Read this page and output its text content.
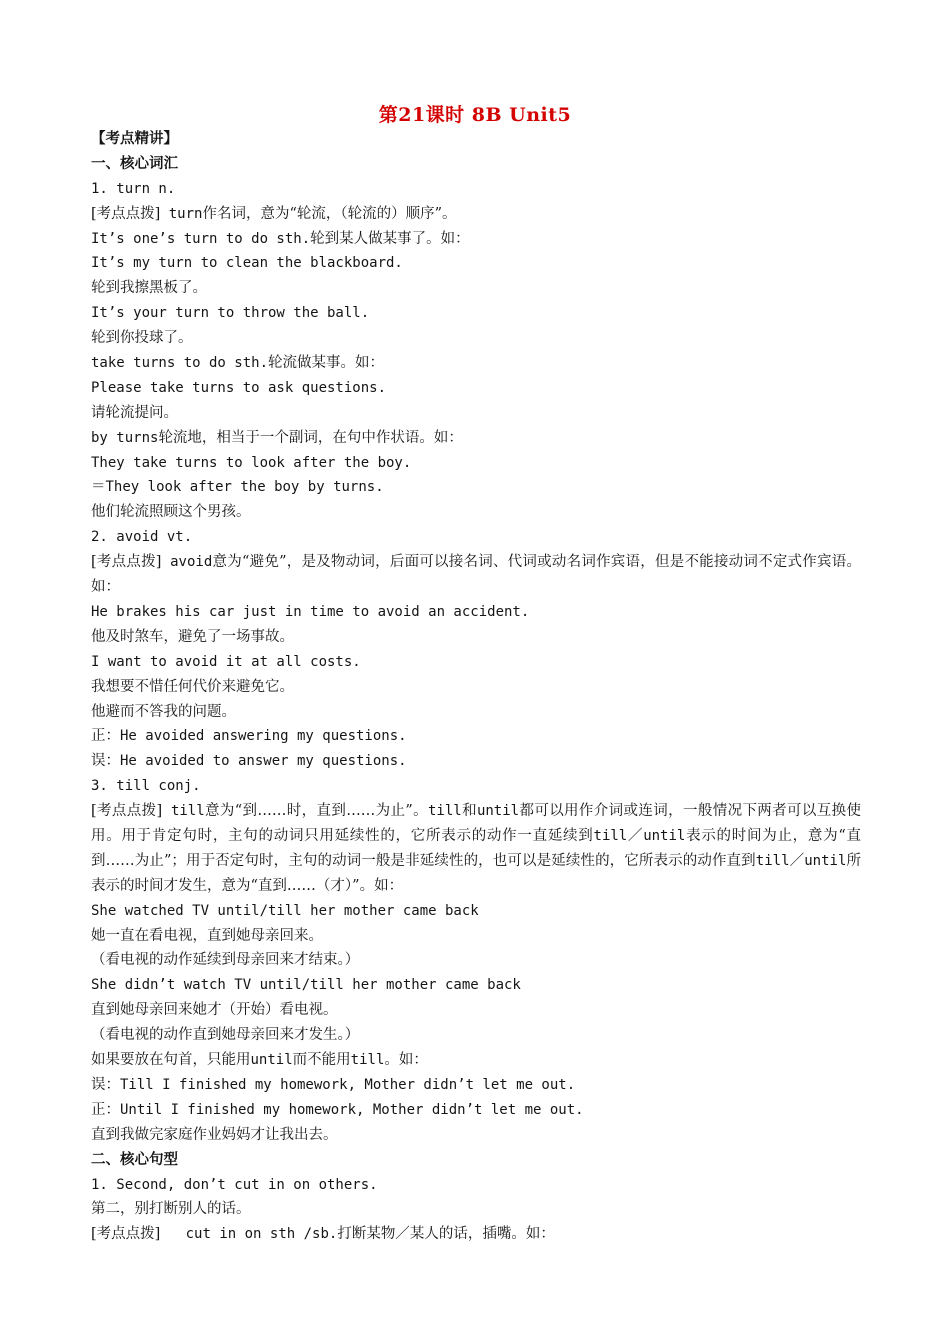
第21课时 8B Unit5
【考点精讲】
一、核心词汇
1. turn n.
[考点点拨] turn作名词，意为“轮流，（轮流的）顺序”。
It’s one’s turn to do sth.轮到某人做某事了。如：
It’s my turn to clean the blackboard.
轮到我擦黑板了。
It’s your turn to throw the ball.
轮到你投球了。
take turns to do sth.轮流做某事。如：
Please take turns to ask questions.
请轮流提问。
by turns轮流地，相当于一个副词，在句中作状语。如：
They take turns to look after the boy.
＝They look after the boy by turns.
他们轮流照顾这个男孩。
2. avoid vt.
[考点点拨] avoid意为“避免”，是及物动词，后面可以接名词、代词或动名词作宾语，但是不能接动词不定式作宾语。如：
He brakes his car just in time to avoid an accident.
他及时煞车，避免了一场事故。
I want to avoid it at all costs.
我想要不惜任何代价来避免它。
他避而不答我的问题。
正：He avoided answering my questions.
误：He avoided to answer my questions.
3. till conj.
[考点点拨] till意为“到……时，直到……为止”。till和until都可以用作介词或连词，一般情况下两者可以互换使用。用于肯定句时，主句的动词只用延续性的，它所表示的动作一直延续到till／until表示的时间为止，意为“直到……为止”；用于否定句时，主句的动词一般是非延续性的，也可以是延续性的，它所表示的动作直到till／until所表示的时间才发生，意为“直到……（才）”。如：
She watched TV until/till her mother came back
她一直在看电视，直到她母亲回来。
（看电视的动作延续到母亲回来才结束。）
She didn’t watch TV until/till her mother came back
直到她母亲回来她才（开始）看电视。
（看电视的动作直到她母亲回来才发生。）
如果要放在句首，只能用until而不能用till。如：
误：Till I finished my homework, Mother didn’t let me out.
正：Until I finished my homework, Mother didn’t let me out.
直到我做完家庭作业妈妈才让我出去。
二、核心句型
1. Second, don’t cut in on others.
第二，别打断别人的话。
[考点点拨]   cut in on sth /sb.打断某物／某人的话，插嘴。如：
